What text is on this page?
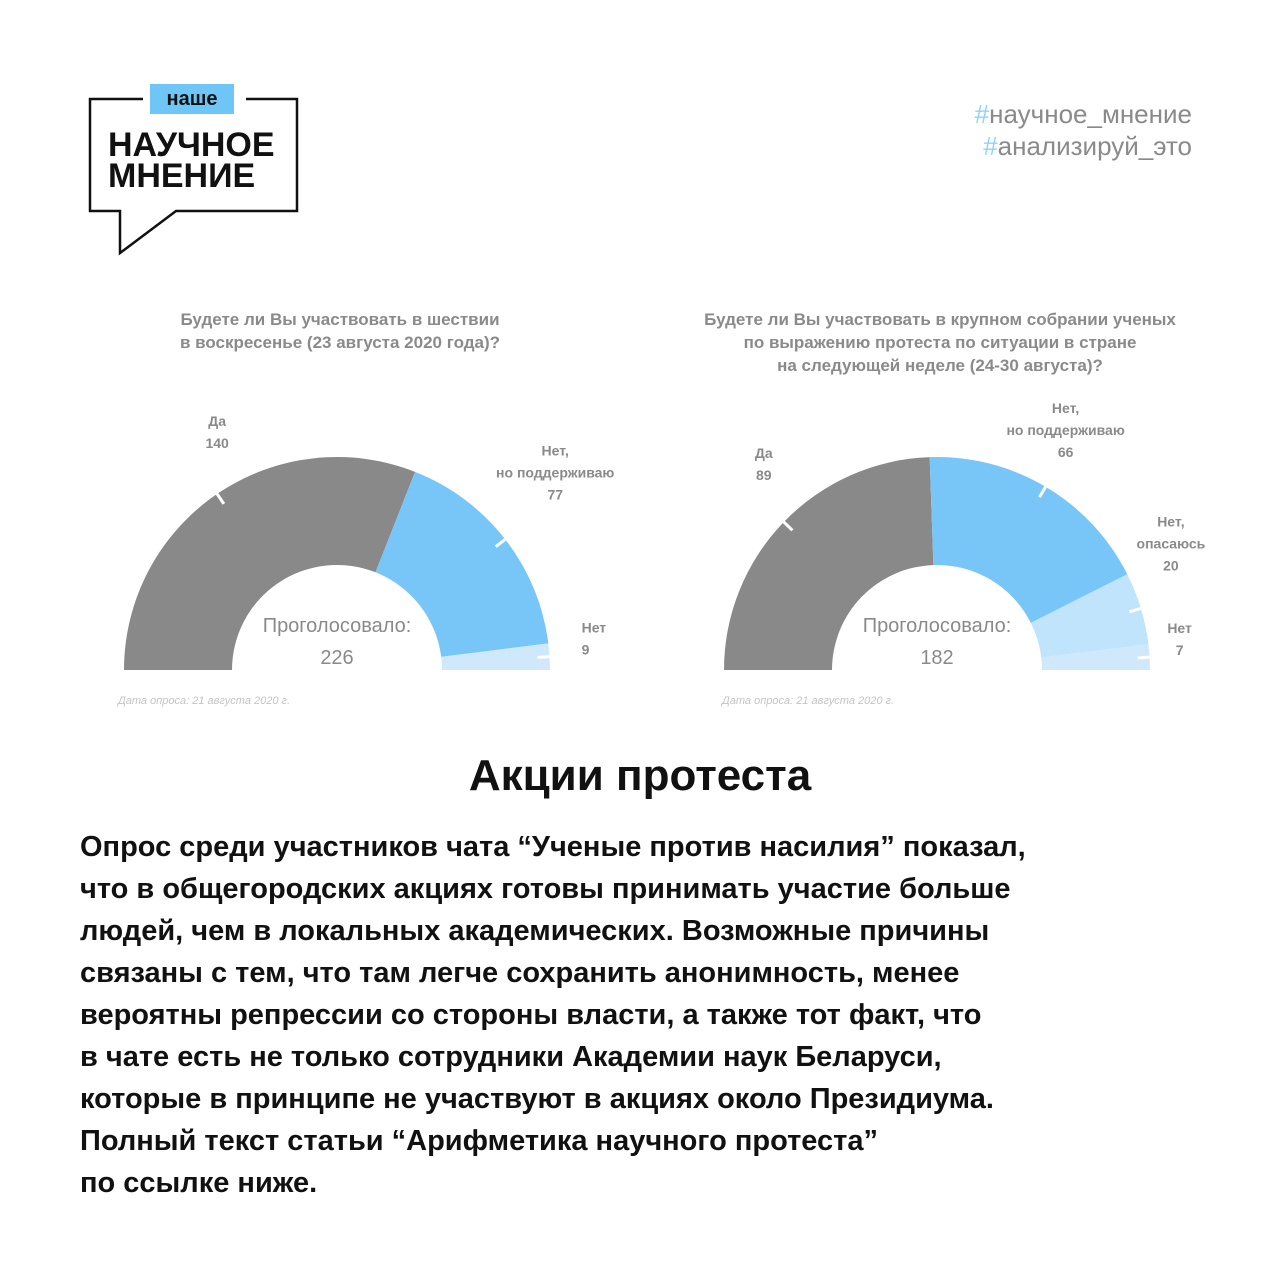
наше
НАУЧНОЕ
МНЕНИЕ
#научное_мнение
#анализируй_это
Будете ли Вы участвовать в шествии
в воскресенье (23 августа 2020 года)?
Да
140	Нет,
но поддерживаю
77
Нет
9
Проголосовало:
226
Дата опроса: 21 августа 2020 г.
Будете ли Вы участвовать в крупном собрании ученых
по выражению протеста по ситуации в стране
на следующей неделе (24-30 августа)?
Да
89
Нет,
но поддерживаю
66
Нет,
опасаюсь
20
Нет
7
Проголосовало:
182
Дата опроса: 21 августа 2020 г.
Акции протеста
Опрос среди участников чата “Ученые против насилия” показал,
что в общегородских акциях готовы принимать участие больше
людей, чем в локальных академических. Возможные причины
связаны с тем, что там легче сохранить анонимность, менее
вероятны репрессии со стороны власти, а также тот факт, что
в чате есть не только сотрудники Академии наук Беларуси,
которые в принципе не участвуют в акциях около Президиума.
Полный текст статьи “Арифметика научного протеста”
по ссылке ниже.
